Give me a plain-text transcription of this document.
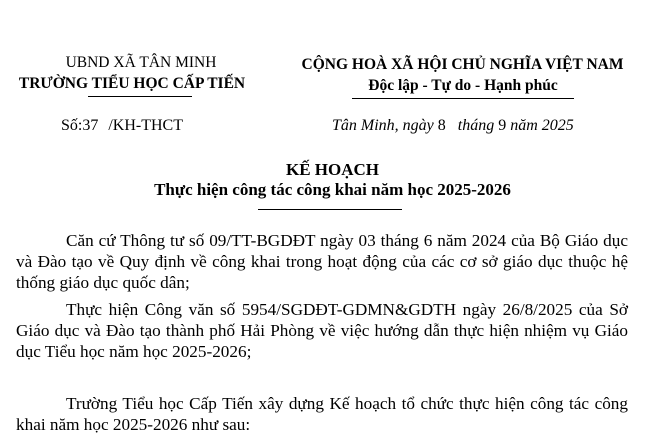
UBND XÃ TÂN MINH
TRƯỜNG TIỂU HỌC CẤP TIẾN
CỘNG HOÀ XÃ HỘI CHỦ NGHĨA VIỆT NAM
Độc lập - Tự do - Hạnh phúc
Số:37 /KH-THCT	Tân Minh, ngày 8 tháng 9 năm 2025
KẾ HOẠCH
Thực hiện công tác công khai năm học 2025-2026

Căn cứ Thông tư số 09/TT-BGDĐT ngày 03 tháng 6 năm 2024 của Bộ Giáo dục và Đào tạo về Quy định về công khai trong hoạt động của các cơ sở giáo dục thuộc hệ thống giáo dục quốc dân;

Thực hiện Công văn số 5954/SGDĐT-GDMN&GDTH ngày 26/8/2025 của Sở Giáo dục và Đào tạo thành phố Hải Phòng về việc hướng dẫn thực hiện nhiệm vụ Giáo dục Tiểu học năm học 2025-2026;

Trường Tiểu học Cấp Tiến xây dựng Kế hoạch tổ chức thực hiện công tác công khai năm học 2025-2026 như sau:
